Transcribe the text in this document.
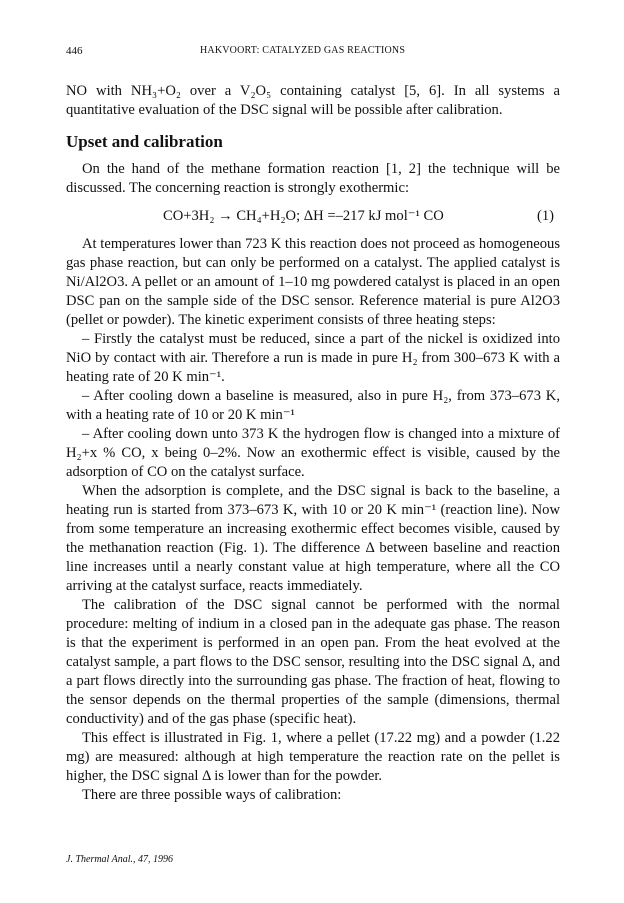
446	HAKVOORT: CATALYZED GAS REACTIONS

NO with NH₃+O₂ over a V₂O₅ containing catalyst [5, 6]. In all systems a quantitative evaluation of the DSC signal will be possible after calibration.

Upset and calibration

On the hand of the methane formation reaction [1, 2] the technique will be discussed. The concerning reaction is strongly exothermic:

CO+3H₂ → CH₄+H₂O; ΔH =–217 kJ mol⁻¹ CO	(1)

At temperatures lower than 723 K this reaction does not proceed as homogeneous gas phase reaction, but can only be performed on a catalyst. The applied catalyst is Ni/Al2O3. A pellet or an amount of 1–10 mg powdered catalyst is placed in an open DSC pan on the sample side of the DSC sensor. Reference material is pure Al2O3 (pellet or powder). The kinetic experiment consists of three heating steps:

– Firstly the catalyst must be reduced, since a part of the nickel is oxidized into NiO by contact with air. Therefore a run is made in pure H₂ from 300–673 K with a heating rate of 20 K min⁻¹.

– After cooling down a baseline is measured, also in pure H₂, from 373–673 K, with a heating rate of 10 or 20 K min⁻¹

– After cooling down unto 373 K the hydrogen flow is changed into a mixture of H₂+x % CO, x being 0–2%. Now an exothermic effect is visible, caused by the adsorption of CO on the catalyst surface.

When the adsorption is complete, and the DSC signal is back to the baseline, a heating run is started from 373–673 K, with 10 or 20 K min⁻¹ (reaction line). Now from some temperature an increasing exothermic effect becomes visible, caused by the methanation reaction (Fig. 1). The difference Δ between baseline and reaction line increases until a nearly constant value at high temperature, where all the CO arriving at the catalyst surface, reacts immediately.

The calibration of the DSC signal cannot be performed with the normal procedure: melting of indium in a closed pan in the adequate gas phase. The reason is that the experiment is performed in an open pan. From the heat evolved at the catalyst sample, a part flows to the DSC sensor, resulting into the DSC signal Δ, and a part flows directly into the surrounding gas phase. The fraction of heat, flowing to the sensor depends on the thermal properties of the sample (dimensions, thermal conductivity) and of the gas phase (specific heat).

This effect is illustrated in Fig. 1, where a pellet (17.22 mg) and a powder (1.22 mg) are measured: although at high temperature the reaction rate on the pellet is higher, the DSC signal Δ is lower than for the powder.

There are three possible ways of calibration:

J. Thermal Anal., 47, 1996
